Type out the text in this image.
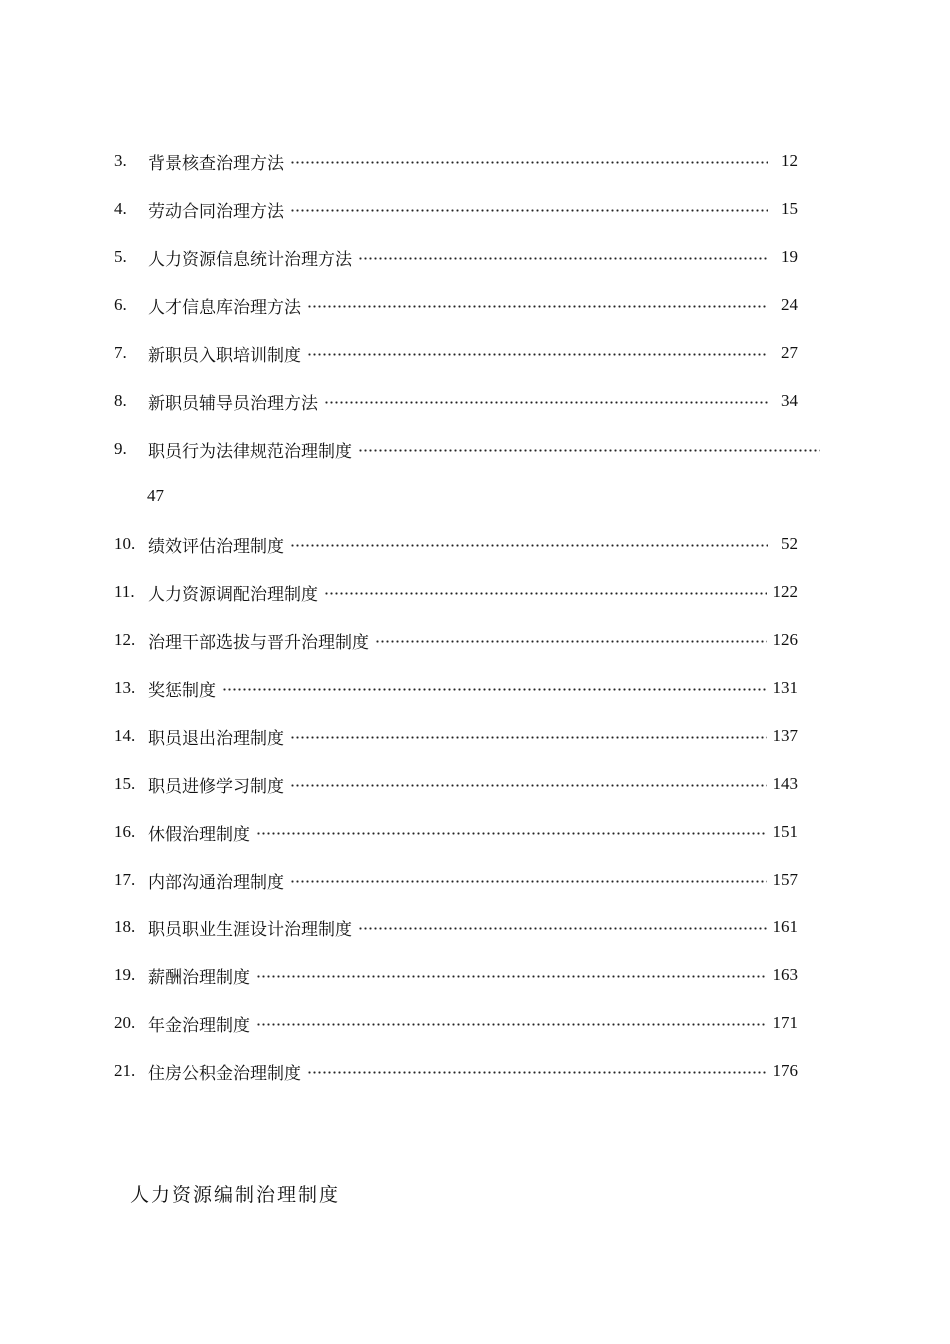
3.	背景核查治理方法	12
4.	劳动合同治理方法	15
5.	人力资源信息统计治理方法	19
6.	人才信息库治理方法	24
7.	新职员入职培训制度	27
8.	新职员辅导员治理方法	34
9.	职员行为法律规范治理制度
47
10. 绩效评估治理制度	52
11. 人力资源调配治理制度	122
12. 治理干部选拔与晋升治理制度	126
13. 奖惩制度	131
14. 职员退出治理制度	137
15. 职员进修学习制度	143
16. 休假治理制度	151
17. 内部沟通治理制度	157
18. 职员职业生涯设计治理制度	161
19. 薪酬治理制度	163
20. 年金治理制度	171
21. 住房公积金治理制度	176
人力资源编制治理制度
